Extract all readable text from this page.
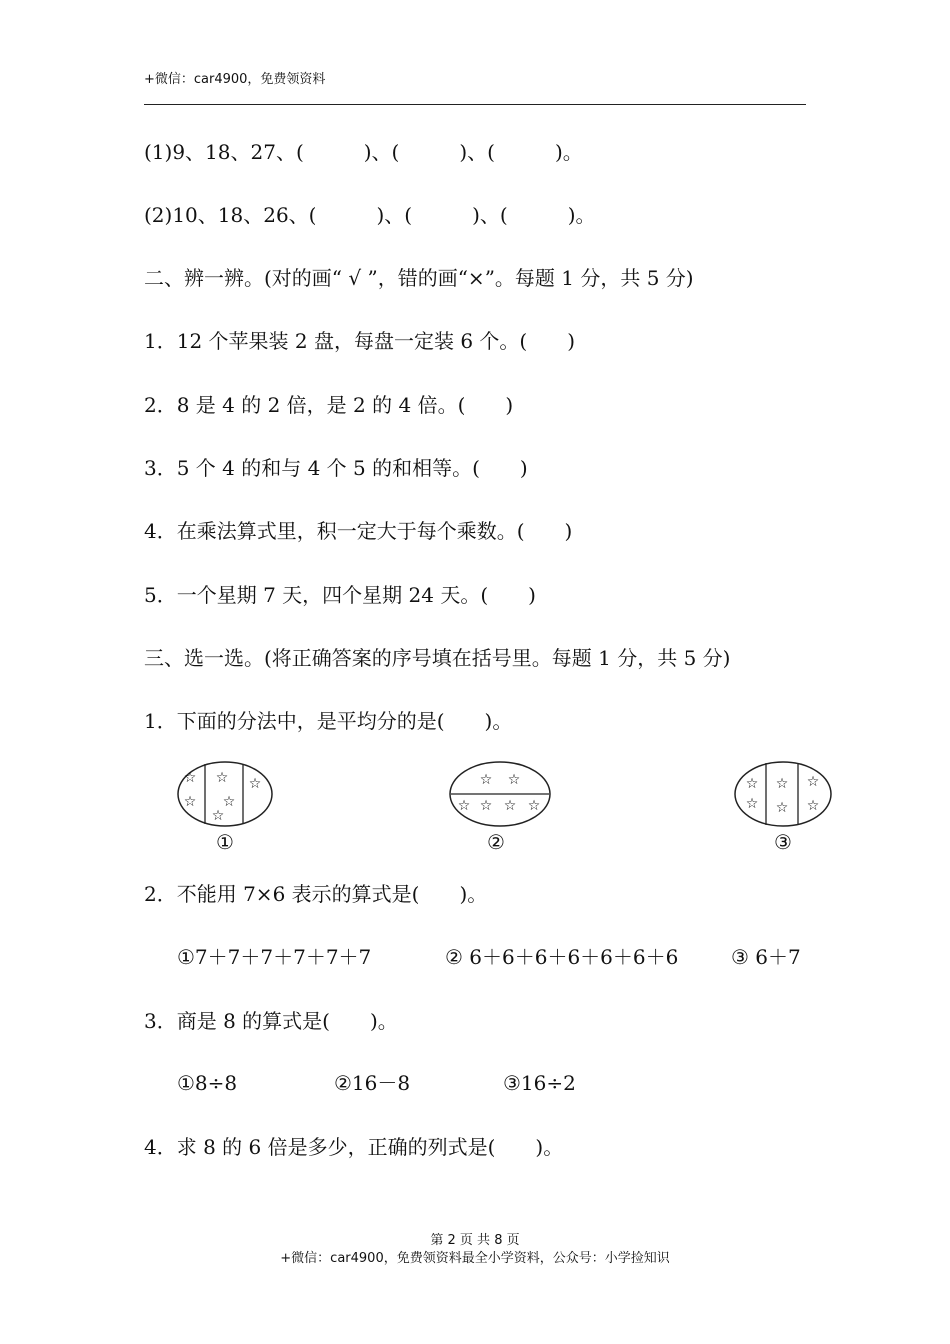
+微信：car4900，免费领资料
(1)9、18、27、(　　　)、(　　　)、(　　　)。
(2)10、18、26、(　　　)、(　　　)、(　　　)。
二、辨一辨。(对的画“ √ ”，错的画“×”。每题 1 分，共 5 分)
1．12 个苹果装 2 盘，每盘一定装 6 个。(　　)
2．8 是 4 的 2 倍，是 2 的 4 倍。(　　)
3．5 个 4 的和与 4 个 5 的和相等。(　　)
4．在乘法算式里，积一定大于每个乘数。(　　)
5．一个星期 7 天，四个星期 24 天。(　　)
三、选一选。(将正确答案的序号填在括号里。每题 1 分，共 5 分)
1．下面的分法中，是平均分的是(　　)。
☆
☆
☆
☆
☆
☆
①
☆ ☆
☆ ☆ ☆ ☆
②
☆
☆
☆
☆
☆
☆
③
2．不能用 7×6 表示的算式是(　　)。
①7＋7＋7＋7＋7＋7	② 6＋6＋6＋6＋6＋6＋6	③ 6＋7
3．商是 8 的算式是(　　)。
①8÷8	②16－8	③16÷2
4．求 8 的 6 倍是多少，正确的列式是(　　)。
第 2 页 共 8 页
+微信：car4900，免费领资料最全小学资料，公众号：小学捡知识
